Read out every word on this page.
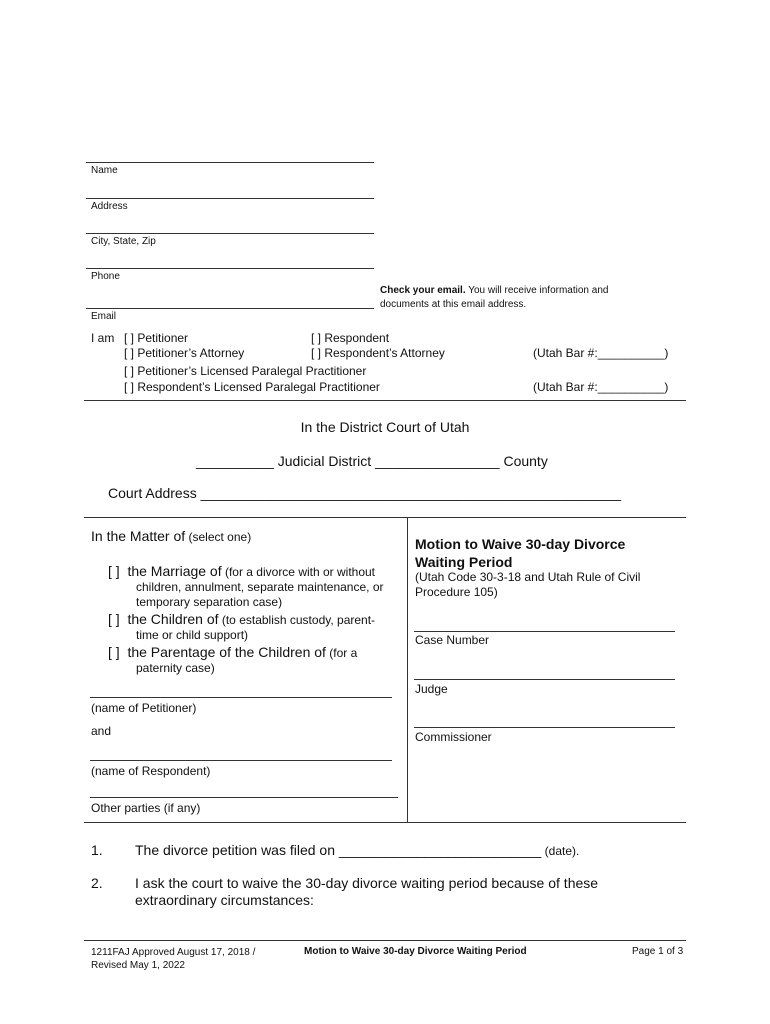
Name
Address
City, State, Zip
Phone
Check your email. You will receive information and
documents at this email address.
Email
I am [ ] Petitioner	[ ] Respondent
[ ] Petitioner’s Attorney	[ ] Respondent’s Attorney	(Utah Bar #:__________)
[ ] Petitioner’s Licensed Paralegal Practitioner
[ ] Respondent’s Licensed Paralegal Practitioner	(Utah Bar #:__________)
In the District Court of Utah
__________ Judicial District ________________ County
Court Address ______________________________________________________
In the Matter of (select one)
[ ] the Marriage of (for a divorce with or without
children, annulment, separate maintenance, or
temporary separation case)
[ ] the Children of (to establish custody, parent-
time or child support)
[ ] the Parentage of the Children of (for a
paternity case)
(name of Petitioner)
and
(name of Respondent)
Other parties (if any)
Motion to Waive 30-day Divorce
Waiting Period
(Utah Code 30-3-18 and Utah Rule of Civil
Procedure 105)
Case Number
Judge
Commissioner
1. The divorce petition was filed on __________________________ (date).
2. I ask the court to waive the 30-day divorce waiting period because of these
extraordinary circumstances:
1211FAJ Approved August 17, 2018 /
Revised May 1, 2022
Motion to Waive 30-day Divorce Waiting Period	Page 1 of 3
